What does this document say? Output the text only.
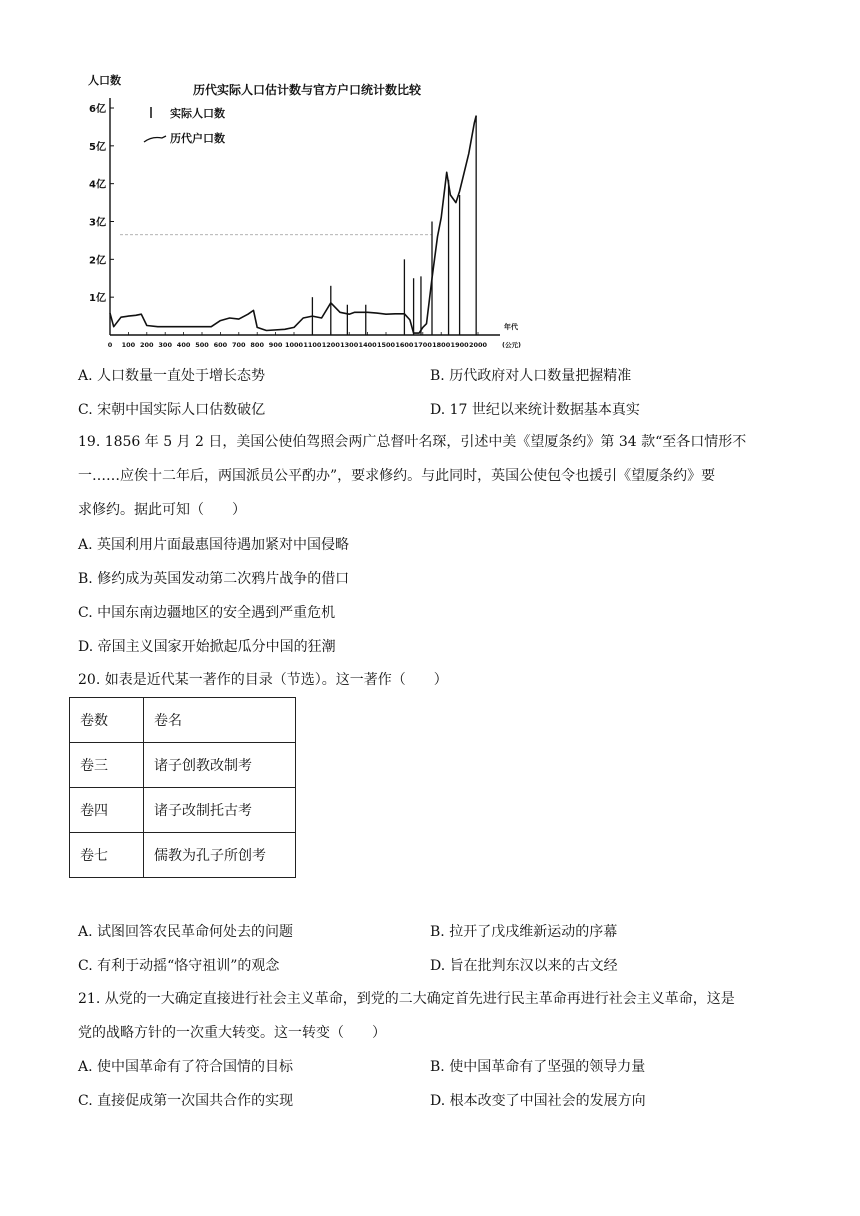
1亿
2亿
3亿
4亿
5亿
6亿
0 100 200 300 400 500 600 700 800 900 1000 1100 1200 1300 1400 1500 1600 1700 1800 1900 2000
人口数
年代
(公元)
历代实际人口估计数与官方户口统计数比较
实际人口数
历代户口数
A. 人口数量一直处于增长态势	B. 历代政府对人口数量把握精准
C. 宋朝中国实际人口估数破亿	D. 17 世纪以来统计数据基本真实
19. 1856 年 5 月 2 日，美国公使伯驾照会两广总督叶名琛，引述中美《望厦条约》第 34 款“至各口情形不
一……应俟十二年后，两国派员公平酌办”，要求修约。与此同时，英国公使包令也援引《望厦条约》要
求修约。据此可知（　　）
A. 英国利用片面最惠国待遇加紧对中国侵略
B. 修约成为英国发动第二次鸦片战争的借口
C. 中国东南边疆地区的安全遇到严重危机
D. 帝国主义国家开始掀起瓜分中国的狂潮
20. 如表是近代某一著作的目录（节选）。这一著作（　　）
卷数	卷名
卷三	诸子创教改制考
卷四	诸子改制托古考
卷七	儒教为孔子所创考
A. 试图回答农民革命何处去的问题	B. 拉开了戊戌维新运动的序幕
C. 有利于动摇“恪守祖训”的观念	D. 旨在批判东汉以来的古文经
21. 从党的一大确定直接进行社会主义革命，到党的二大确定首先进行民主革命再进行社会主义革命，这是
党的战略方针的一次重大转变。这一转变（　　）
A. 使中国革命有了符合国情的目标	B. 使中国革命有了坚强的领导力量
C. 直接促成第一次国共合作的实现	D. 根本改变了中国社会的发展方向
